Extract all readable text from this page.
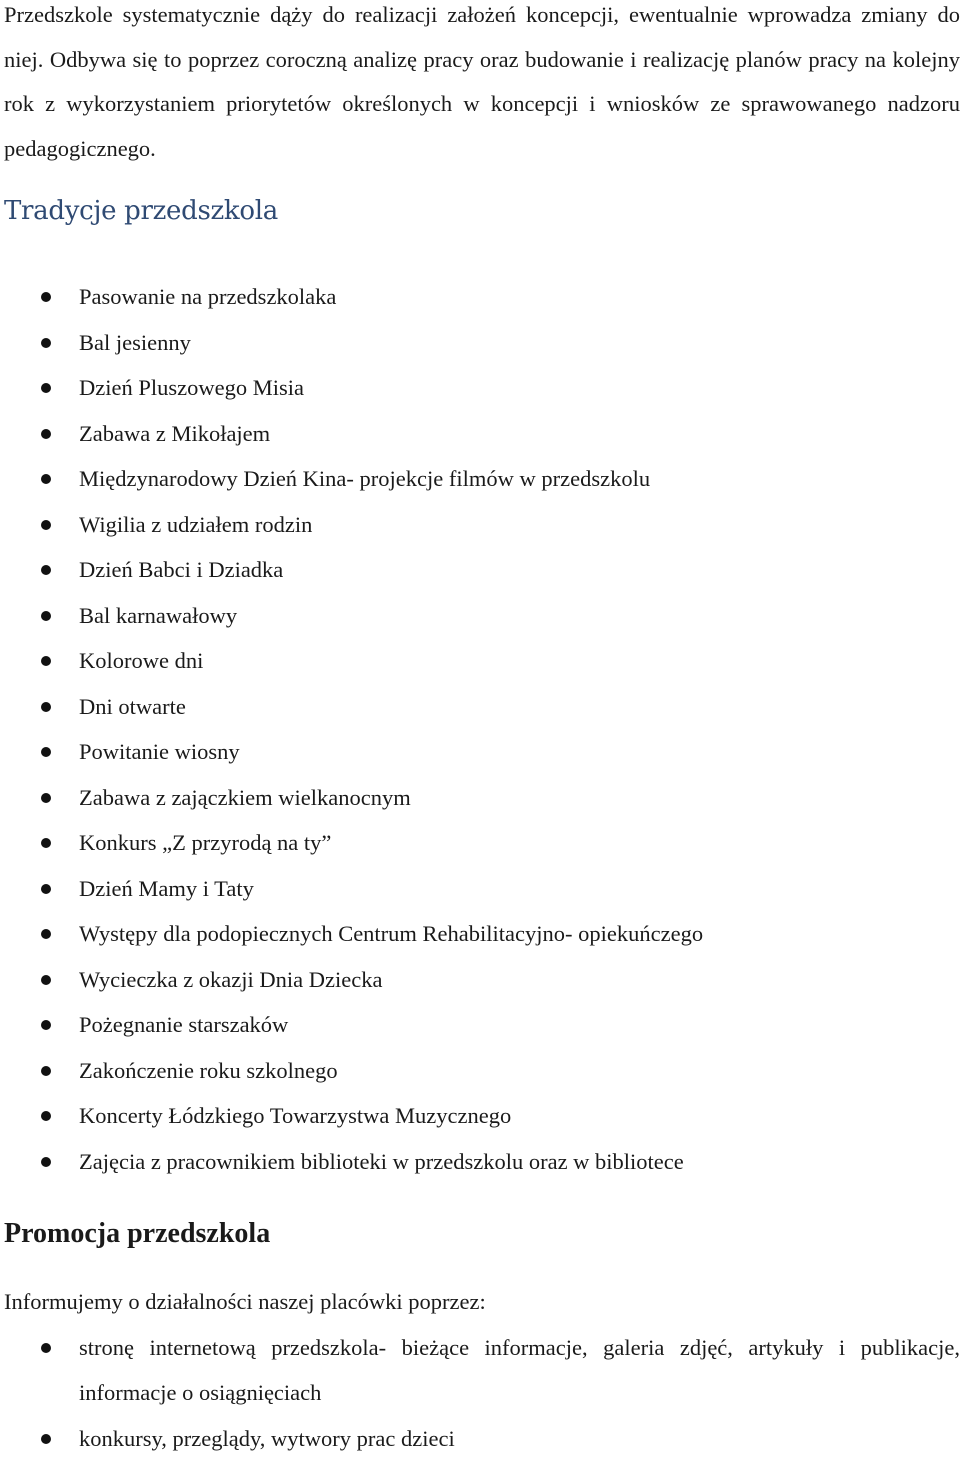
Przedszkole systematycznie dąży do realizacji założeń koncepcji, ewentualnie wprowadza zmiany do niej. Odbywa się to poprzez coroczną analizę pracy oraz budowanie i realizację planów pracy na kolejny rok z wykorzystaniem priorytetów określonych w koncepcji i wniosków ze sprawowanego nadzoru pedagogicznego.

Tradycje przedszkola
Pasowanie na przedszkolaka
Bal jesienny
Dzień Pluszowego Misia
Zabawa z Mikołajem
Międzynarodowy Dzień Kina- projekcje filmów w przedszkolu
Wigilia z udziałem rodzin
Dzień Babci i Dziadka
Bal karnawałowy
Kolorowe dni
Dni otwarte
Powitanie wiosny
Zabawa z zajączkiem wielkanocnym
Konkurs „Z przyrodą na ty”
Dzień Mamy i Taty
Występy dla podopiecznych Centrum Rehabilitacyjno- opiekuńczego
Wycieczka z okazji Dnia Dziecka
Pożegnanie starszaków
Zakończenie roku szkolnego
Koncerty Łódzkiego Towarzystwa Muzycznego
Zajęcia z pracownikiem biblioteki w przedszkolu oraz w bibliotece
Promocja przedszkola

Informujemy o działalności naszej placówki poprzez:

stronę internetową przedszkola- bieżące informacje, galeria zdjęć, artykuły i publikacje, informacje o osiągnięciach
konkursy, przeglądy, wytwory prac dzieci
